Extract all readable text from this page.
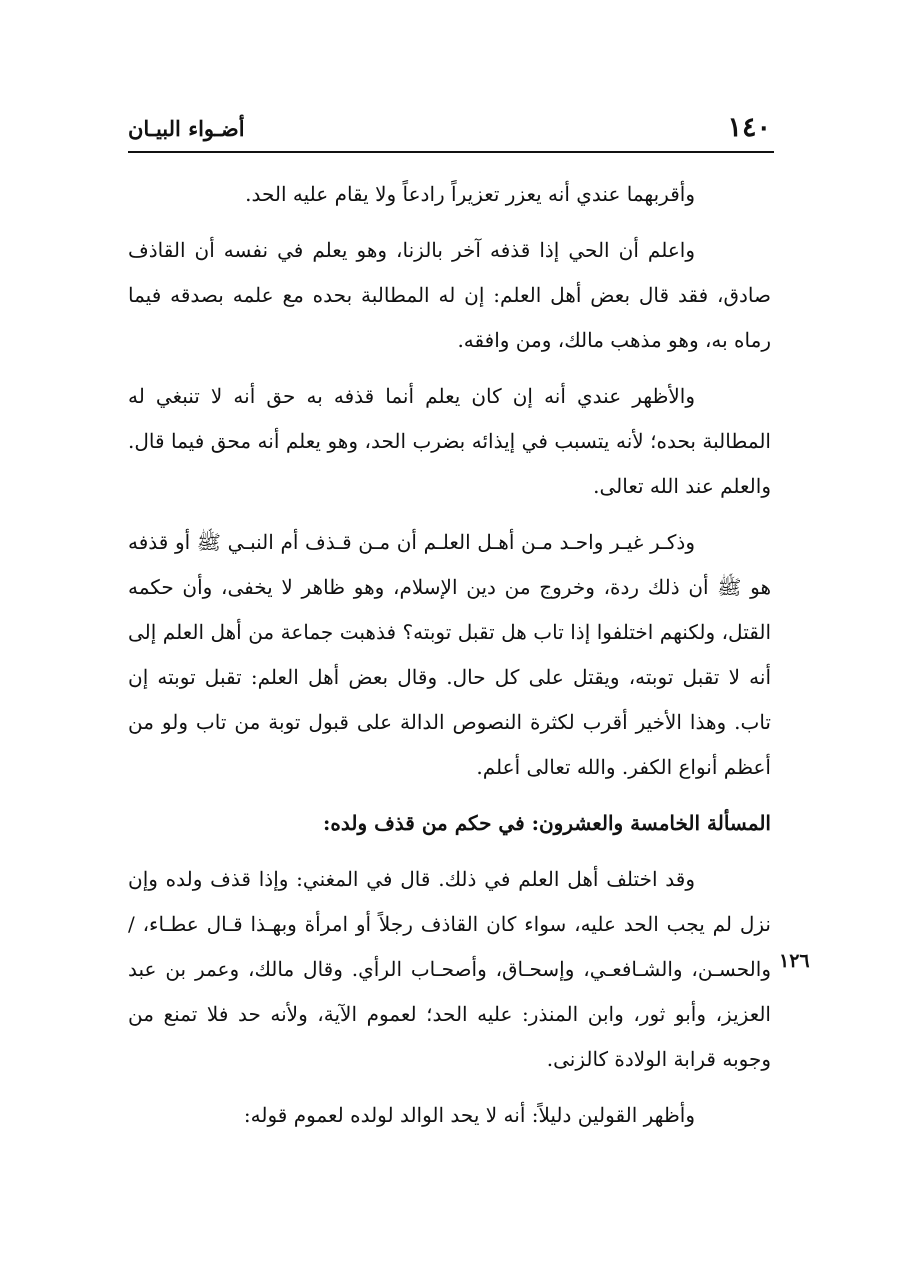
١٤٠
أضـواء البيـان

وأقربهما عندي أنه يعزر تعزيراً رادعاً ولا يقام عليه الحد.

واعلم أن الحي إذا قذفه آخر بالزنا، وهو يعلم في نفسه أن القاذف صادق، فقد قال بعض أهل العلم: إن له المطالبة بحده مع علمه بصدقه فيما رماه به، وهو مذهب مالك، ومن وافقه.

والأظهر عندي أنه إن كان يعلم أنما قذفه به حق أنه لا تنبغي له المطالبة بحده؛ لأنه يتسبب في إيذائه بضرب الحد، وهو يعلم أنه محق فيما قال. والعلم عند الله تعالى.

وذكـر غيـر واحـد مـن أهـل العلـم أن مـن قـذف أم النبـي ﷺ أو قذفه هو ﷺ أن ذلك ردة، وخروج من دين الإسلام، وهو ظاهر لا يخفى، وأن حكمه القتل، ولكنهم اختلفوا إذا تاب هل تقبل توبته؟ فذهبت جماعة من أهل العلم إلى أنه لا تقبل توبته، ويقتل على كل حال. وقال بعض أهل العلم: تقبل توبته إن تاب. وهذا الأخير أقرب لكثرة النصوص الدالة على قبول توبة من تاب ولو من أعظم أنواع الكفر. والله تعالى أعلم.

المسألة الخامسة والعشرون: في حكم من قذف ولده:

وقد اختلف أهل العلم في ذلك. قال في المغني: وإذا قذف ولده وإن نزل لم يجب الحد عليه، سواء كان القاذف رجلاً أو امرأة وبهـذا قـال عطـاء، /والحسـن، والشـافعـي، وإسحـاق، وأصحـاب الرأي. وقال مالك، وعمر بن عبد العزيز، وأبو ثور، وابن المنذر: عليه الحد؛ لعموم الآية، ولأنه حد فلا تمنع من وجوبه قرابة الولادة كالزنى.

وأظهر القولين دليلاً: أنه لا يحد الوالد لولده لعموم قوله:

١٢٦
